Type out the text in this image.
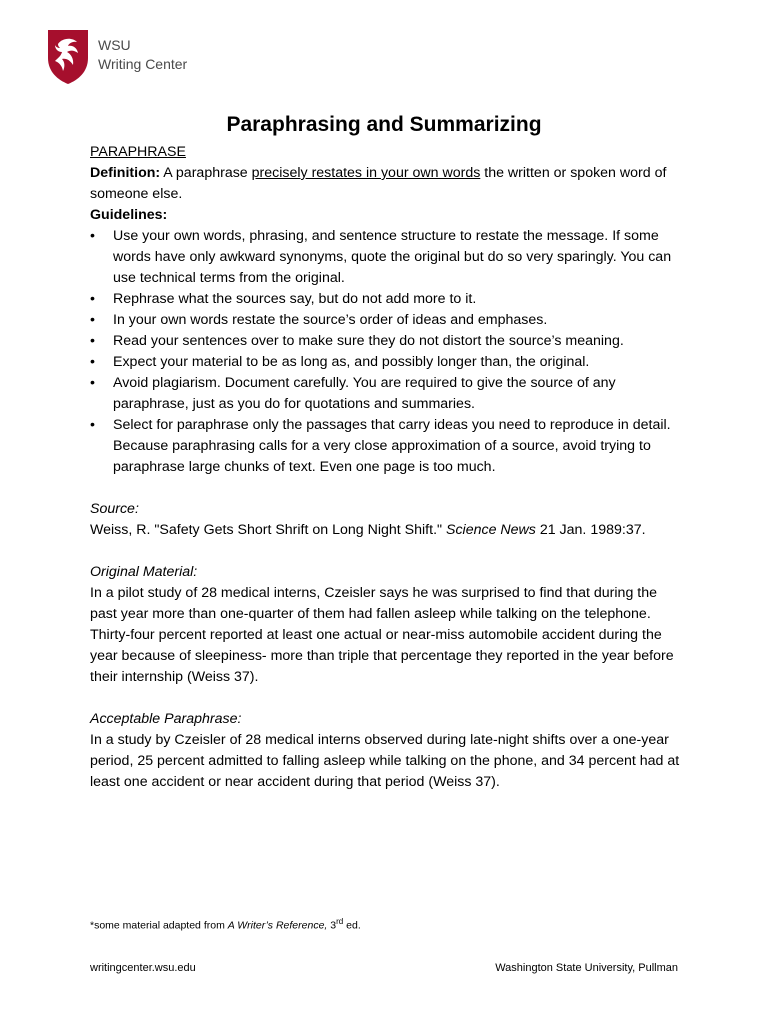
WSU
Writing Center
Paraphrasing and Summarizing
PARAPHRASE
Definition: A paraphrase precisely restates in your own words the written or spoken word of someone else.
Guidelines:
• Use your own words, phrasing, and sentence structure to restate the message. If some words have only awkward synonyms, quote the original but do so very sparingly. You can use technical terms from the original.
• Rephrase what the sources say, but do not add more to it.
• In your own words restate the source’s order of ideas and emphases.
• Read your sentences over to make sure they do not distort the source’s meaning.
• Expect your material to be as long as, and possibly longer than, the original.
• Avoid plagiarism. Document carefully. You are required to give the source of any paraphrase, just as you do for quotations and summaries.
• Select for paraphrase only the passages that carry ideas you need to reproduce in detail. Because paraphrasing calls for a very close approximation of a source, avoid trying to paraphrase large chunks of text. Even one page is too much.
Source:
Weiss, R. "Safety Gets Short Shrift on Long Night Shift." Science News 21 Jan. 1989:37.
Original Material:
In a pilot study of 28 medical interns, Czeisler says he was surprised to find that during the past year more than one-quarter of them had fallen asleep while talking on the telephone. Thirty-four percent reported at least one actual or near-miss automobile accident during the year because of sleepiness- more than triple that percentage they reported in the year before their internship (Weiss 37).
Acceptable Paraphrase:
In a study by Czeisler of 28 medical interns observed during late-night shifts over a one-year period, 25 percent admitted to falling asleep while talking on the phone, and 34 percent had at least one accident or near accident during that period (Weiss 37).
*some material adapted from A Writer’s Reference, 3rd ed.
writingcenter.wsu.edu	Washington State University, Pullman
